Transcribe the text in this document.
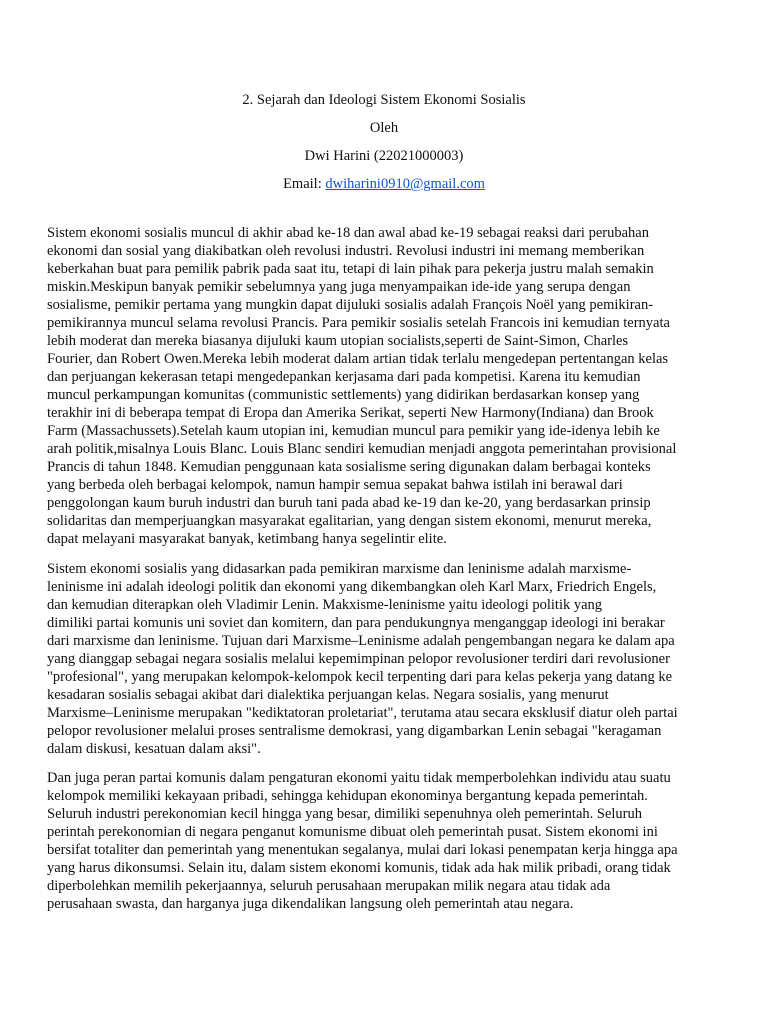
2. Sejarah dan Ideologi Sistem Ekonomi Sosialis
Oleh
Dwi Harini (22021000003)
Email: dwiharini0910@gmail.com

Sistem ekonomi sosialis muncul di akhir abad ke-18 dan awal abad ke-19 sebagai reaksi dari perubahan
ekonomi dan sosial yang diakibatkan oleh revolusi industri. Revolusi industri ini memang memberikan
keberkahan buat para pemilik pabrik pada saat itu, tetapi di lain pihak para pekerja justru malah semakin
miskin.Meskipun banyak pemikir sebelumnya yang juga menyampaikan ide-ide yang serupa dengan
sosialisme, pemikir pertama yang mungkin dapat dijuluki sosialis adalah François Noël yang pemikiran-
pemikirannya muncul selama revolusi Prancis. Para pemikir sosialis setelah Francois ini kemudian ternyata
lebih moderat dan mereka biasanya dijuluki kaum utopian socialists,seperti de Saint-Simon, Charles
Fourier, dan Robert Owen.Mereka lebih moderat dalam artian tidak terlalu mengedepan pertentangan kelas
dan perjuangan kekerasan tetapi mengedepankan kerjasama dari pada kompetisi. Karena itu kemudian
muncul perkampungan komunitas (communistic settlements) yang didirikan berdasarkan konsep yang
terakhir ini di beberapa tempat di Eropa dan Amerika Serikat, seperti New Harmony(Indiana) dan Brook
Farm (Massachussets).Setelah kaum utopian ini, kemudian muncul para pemikir yang ide-idenya lebih ke
arah politik,misalnya Louis Blanc. Louis Blanc sendiri kemudian menjadi anggota pemerintahan provisional
Prancis di tahun 1848. Kemudian penggunaan kata sosialisme sering digunakan dalam berbagai konteks
yang berbeda oleh berbagai kelompok, namun hampir semua sepakat bahwa istilah ini berawal dari
penggolongan kaum buruh industri dan buruh tani pada abad ke-19 dan ke-20, yang berdasarkan prinsip
solidaritas dan memperjuangkan masyarakat egalitarian, yang dengan sistem ekonomi, menurut mereka,
dapat melayani masyarakat banyak, ketimbang hanya segelintir elite.

Sistem ekonomi sosialis yang didasarkan pada pemikiran marxisme dan leninisme adalah marxisme-
leninisme ini adalah ideologi politik dan ekonomi yang dikembangkan oleh Karl Marx, Friedrich Engels,
dan kemudian diterapkan oleh Vladimir Lenin. Makxisme-leninisme yaitu ideologi politik yang
dimiliki partai komunis uni soviet dan komitern, dan para pendukungnya menganggap ideologi ini berakar
dari marxisme dan leninisme. Tujuan dari Marxisme–Leninisme adalah pengembangan negara ke dalam apa
yang dianggap sebagai negara sosialis melalui kepemimpinan pelopor revolusioner terdiri dari revolusioner
"profesional", yang merupakan kelompok-kelompok kecil terpenting dari para kelas pekerja yang datang ke
kesadaran sosialis sebagai akibat dari dialektika perjuangan kelas. Negara sosialis, yang menurut
Marxisme–Leninisme merupakan "kediktatoran proletariat", terutama atau secara eksklusif diatur oleh partai
pelopor revolusioner melalui proses sentralisme demokrasi, yang digambarkan Lenin sebagai "keragaman
dalam diskusi, kesatuan dalam aksi".

Dan juga peran partai komunis dalam pengaturan ekonomi yaitu tidak memperbolehkan individu atau suatu
kelompok memiliki kekayaan pribadi, sehingga kehidupan ekonominya bergantung kepada pemerintah.
Seluruh industri perekonomian kecil hingga yang besar, dimiliki sepenuhnya oleh pemerintah. Seluruh
perintah perekonomian di negara penganut komunisme dibuat oleh pemerintah pusat. Sistem ekonomi ini
bersifat totaliter dan pemerintah yang menentukan segalanya, mulai dari lokasi penempatan kerja hingga apa
yang harus dikonsumsi. Selain itu, dalam sistem ekonomi komunis, tidak ada hak milik pribadi, orang tidak
diperbolehkan memilih pekerjaannya, seluruh perusahaan merupakan milik negara atau tidak ada
perusahaan swasta, dan harganya juga dikendalikan langsung oleh pemerintah atau negara.
